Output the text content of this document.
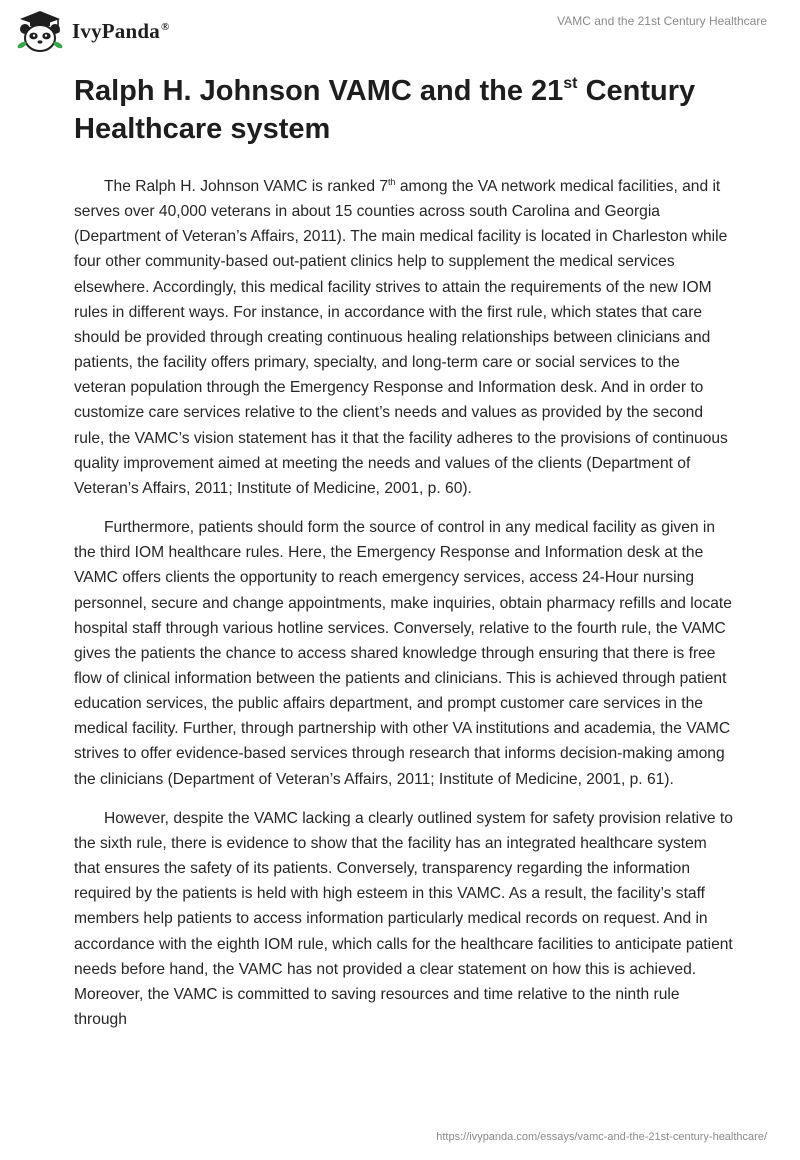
IvyPanda®	VAMC and the 21st Century Healthcare
Ralph H. Johnson VAMC and the 21st Century Healthcare system

The Ralph H. Johnson VAMC is ranked 7th among the VA network medical facilities, and it serves over 40,000 veterans in about 15 counties across south Carolina and Georgia (Department of Veteran’s Affairs, 2011). The main medical facility is located in Charleston while four other community-based out-patient clinics help to supplement the medical services elsewhere. Accordingly, this medical facility strives to attain the requirements of the new IOM rules in different ways. For instance, in accordance with the first rule, which states that care should be provided through creating continuous healing relationships between clinicians and patients, the facility offers primary, specialty, and long-term care or social services to the veteran population through the Emergency Response and Information desk. And in order to customize care services relative to the client’s needs and values as provided by the second rule, the VAMC’s vision statement has it that the facility adheres to the provisions of continuous quality improvement aimed at meeting the needs and values of the clients (Department of Veteran’s Affairs, 2011; Institute of Medicine, 2001, p. 60).

Furthermore, patients should form the source of control in any medical facility as given in the third IOM healthcare rules. Here, the Emergency Response and Information desk at the VAMC offers clients the opportunity to reach emergency services, access 24-Hour nursing personnel, secure and change appointments, make inquiries, obtain pharmacy refills and locate hospital staff through various hotline services. Conversely, relative to the fourth rule, the VAMC gives the patients the chance to access shared knowledge through ensuring that there is free flow of clinical information between the patients and clinicians. This is achieved through patient education services, the public affairs department, and prompt customer care services in the medical facility. Further, through partnership with other VA institutions and academia, the VAMC strives to offer evidence-based services through research that informs decision-making among the clinicians (Department of Veteran’s Affairs, 2011; Institute of Medicine, 2001, p. 61).

However, despite the VAMC lacking a clearly outlined system for safety provision relative to the sixth rule, there is evidence to show that the facility has an integrated healthcare system that ensures the safety of its patients. Conversely, transparency regarding the information required by the patients is held with high esteem in this VAMC. As a result, the facility’s staff members help patients to access information particularly medical records on request. And in accordance with the eighth IOM rule, which calls for the healthcare facilities to anticipate patient needs before hand, the VAMC has not provided a clear statement on how this is achieved. Moreover, the VAMC is committed to saving resources and time relative to the ninth rule through

https://ivypanda.com/essays/vamc-and-the-21st-century-healthcare/
